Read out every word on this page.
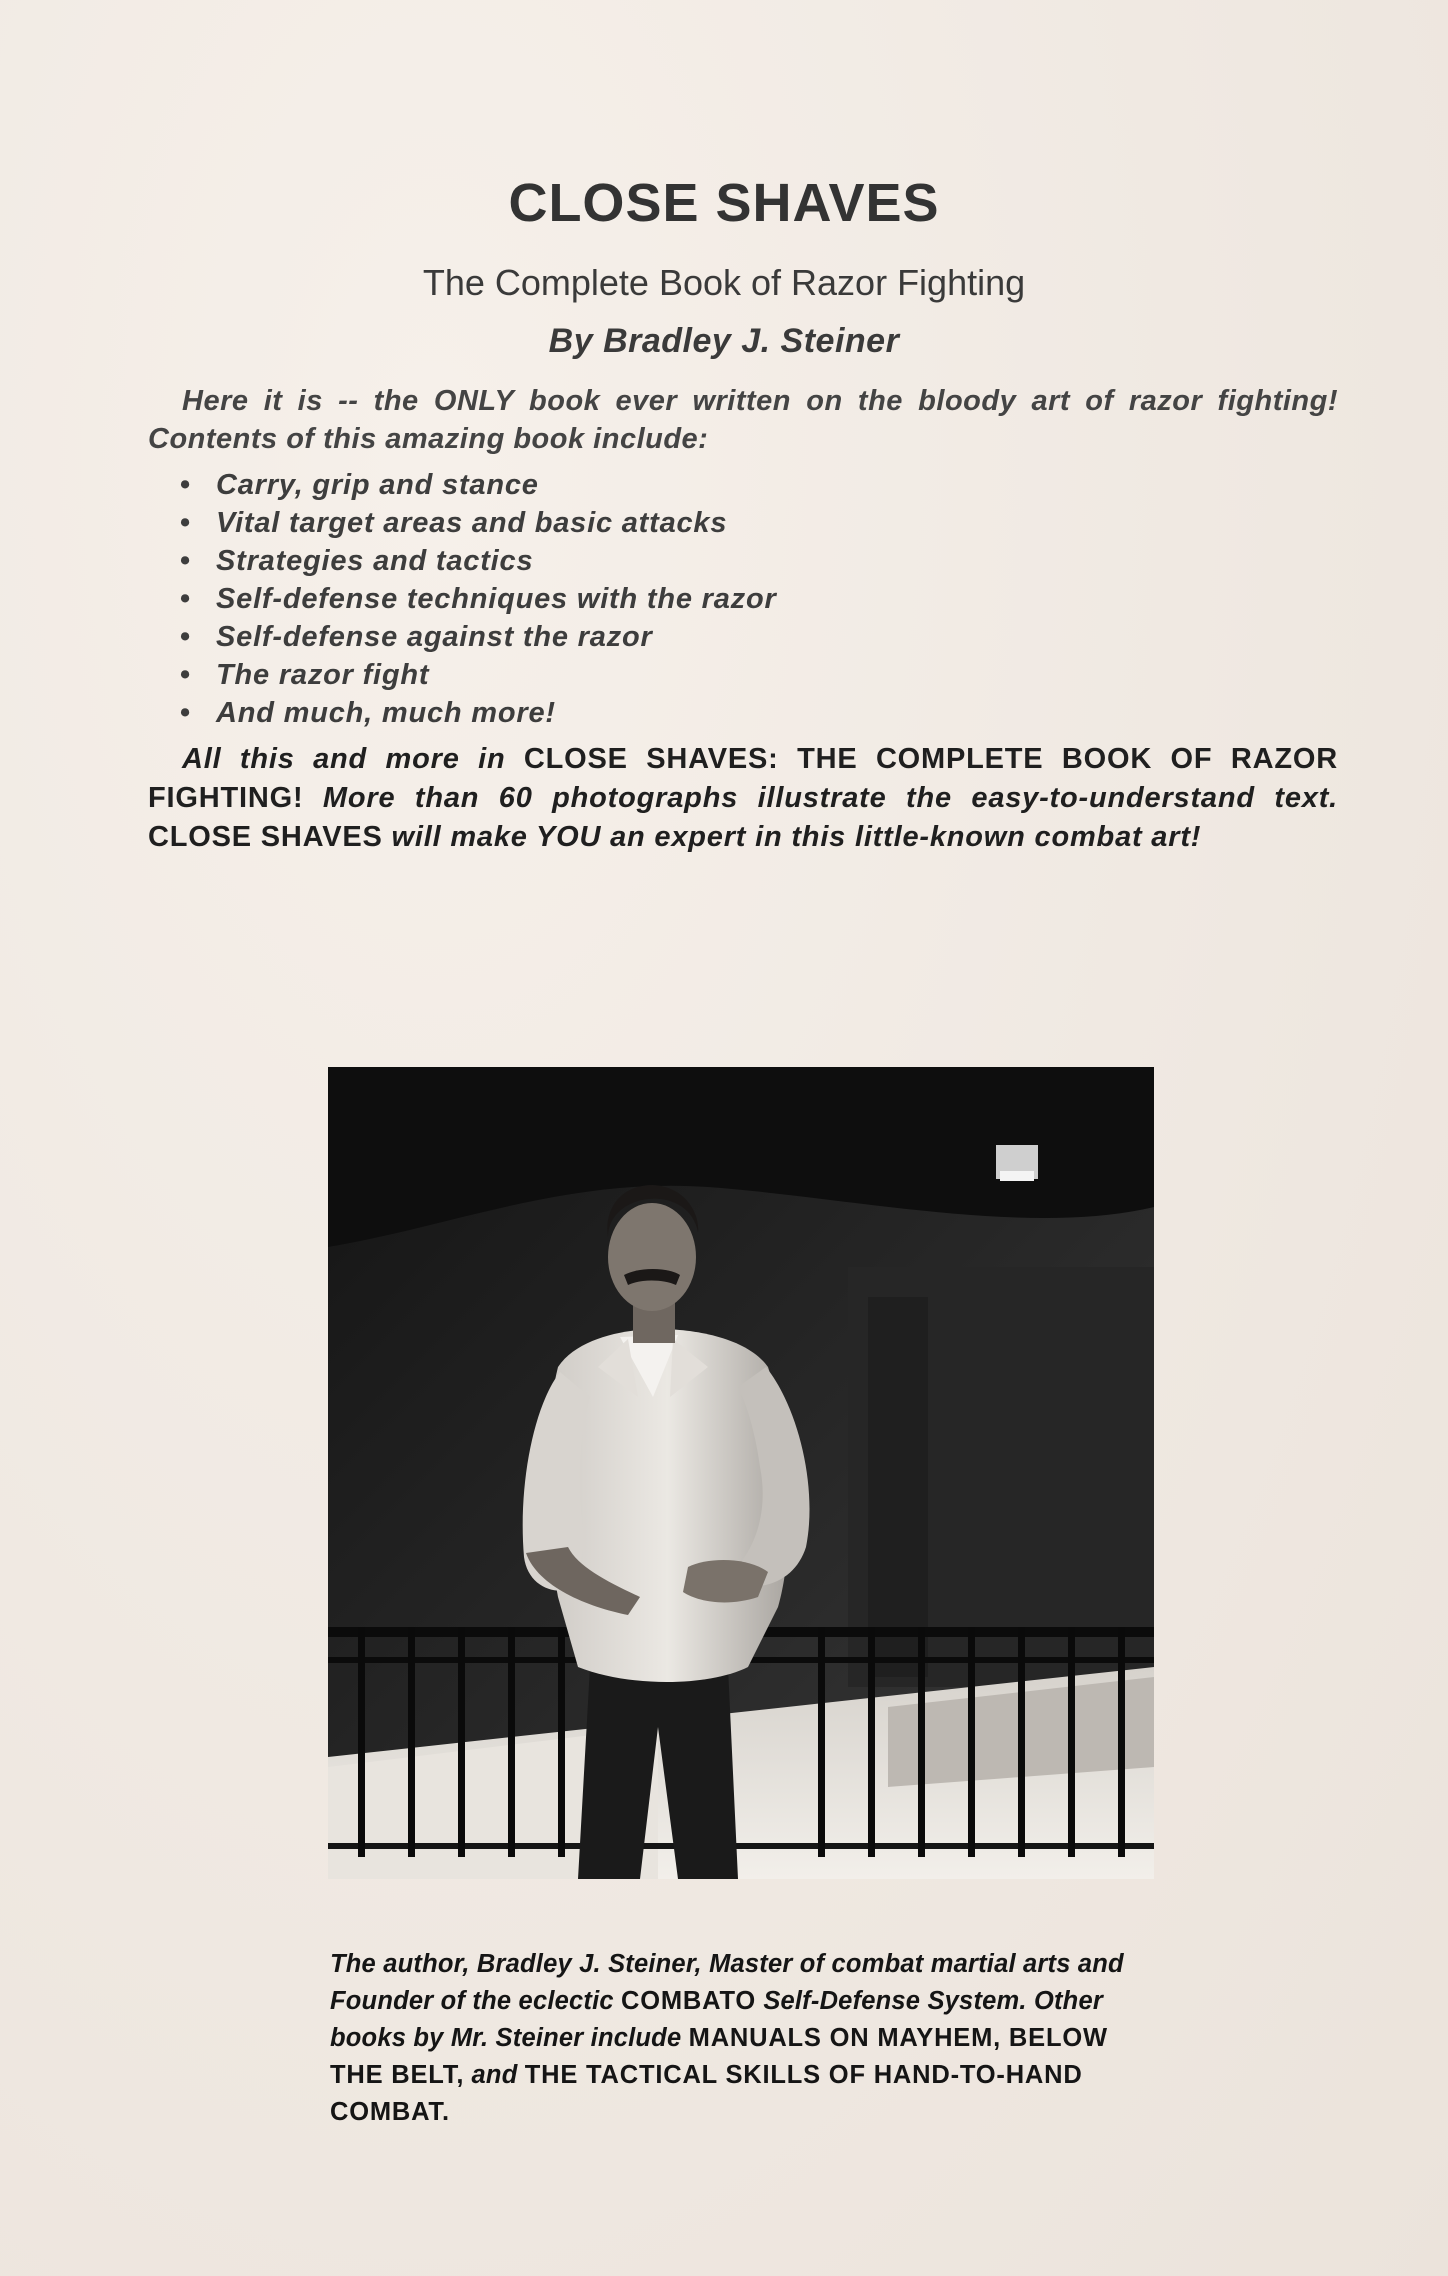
CLOSE SHAVES
The Complete Book of Razor Fighting
By Bradley J. Steiner
Here it is -- the ONLY book ever written on the bloody art of razor fighting! Contents of this amazing book include:
• Carry, grip and stance
• Vital target areas and basic attacks
• Strategies and tactics
• Self-defense techniques with the razor
• Self-defense against the razor
• The razor fight
• And much, much more!
All this and more in CLOSE SHAVES: THE COMPLETE BOOK OF RAZOR FIGHTING! More than 60 photographs illustrate the easy-to-understand text. CLOSE SHAVES will make YOU an expert in this little-known combat art!
The author, Bradley J. Steiner, Master of combat martial arts and Founder of the eclectic COMBATO Self-Defense System. Other books by Mr. Steiner include MANUALS ON MAYHEM, BELOW THE BELT, and THE TACTICAL SKILLS OF HAND-TO-HAND COMBAT.
